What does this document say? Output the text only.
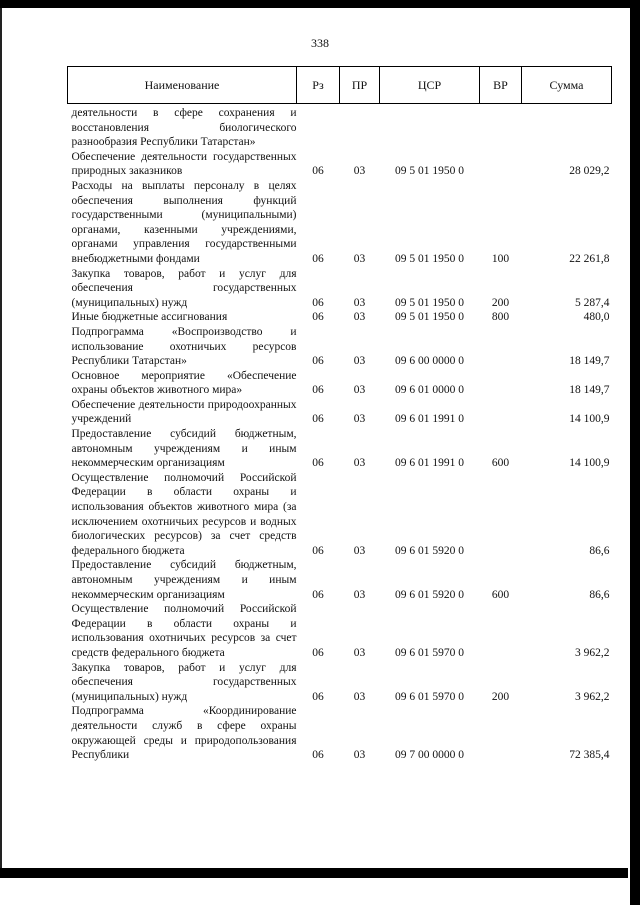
338
Наименование	Рз	ПР	ЦСР	ВР	Сумма
деятельности в сфере сохранения и восстановления биологического разнообразия Республики Татарстан»					
Обеспечение деятельности государственных природных заказников	06	03	09 5 01 1950 0		28 029,2
Расходы на выплаты персоналу в целях обеспечения выполнения функций государственными (муниципальными) органами, казенными учреждениями, органами управления государственными внебюджетными фондами	06	03	09 5 01 1950 0	100	22 261,8
Закупка товаров, работ и услуг для обеспечения государственных (муниципальных) нужд	06	03	09 5 01 1950 0	200	5 287,4
Иные бюджетные ассигнования	06	03	09 5 01 1950 0	800	480,0
Подпрограмма «Воспроизводство и использование охотничьих ресурсов Республики Татарстан»	06	03	09 6 00 0000 0		18 149,7
Основное мероприятие «Обеспечение охраны объектов животного мира»	06	03	09 6 01 0000 0		18 149,7
Обеспечение деятельности природоохранных учреждений	06	03	09 6 01 1991 0		14 100,9
Предоставление субсидий бюджетным, автономным учреждениям и иным некоммерческим организациям	06	03	09 6 01 1991 0	600	14 100,9
Осуществление полномочий Российской Федерации в области охраны и использования объектов животного мира (за исключением охотничьих ресурсов и водных биологических ресурсов) за счет средств федерального бюджета	06	03	09 6 01 5920 0		86,6
Предоставление субсидий бюджетным, автономным учреждениям и иным некоммерческим организациям	06	03	09 6 01 5920 0	600	86,6
Осуществление полномочий Российской Федерации в области охраны и использования охотничьих ресурсов за счет средств федерального бюджета	06	03	09 6 01 5970 0		3 962,2
Закупка товаров, работ и услуг для обеспечения государственных (муниципальных) нужд	06	03	09 6 01 5970 0	200	3 962,2
Подпрограмма «Координирование деятельности служб в сфере охраны окружающей среды и природопользования Республики	06	03	09 7 00 0000 0		72 385,4
